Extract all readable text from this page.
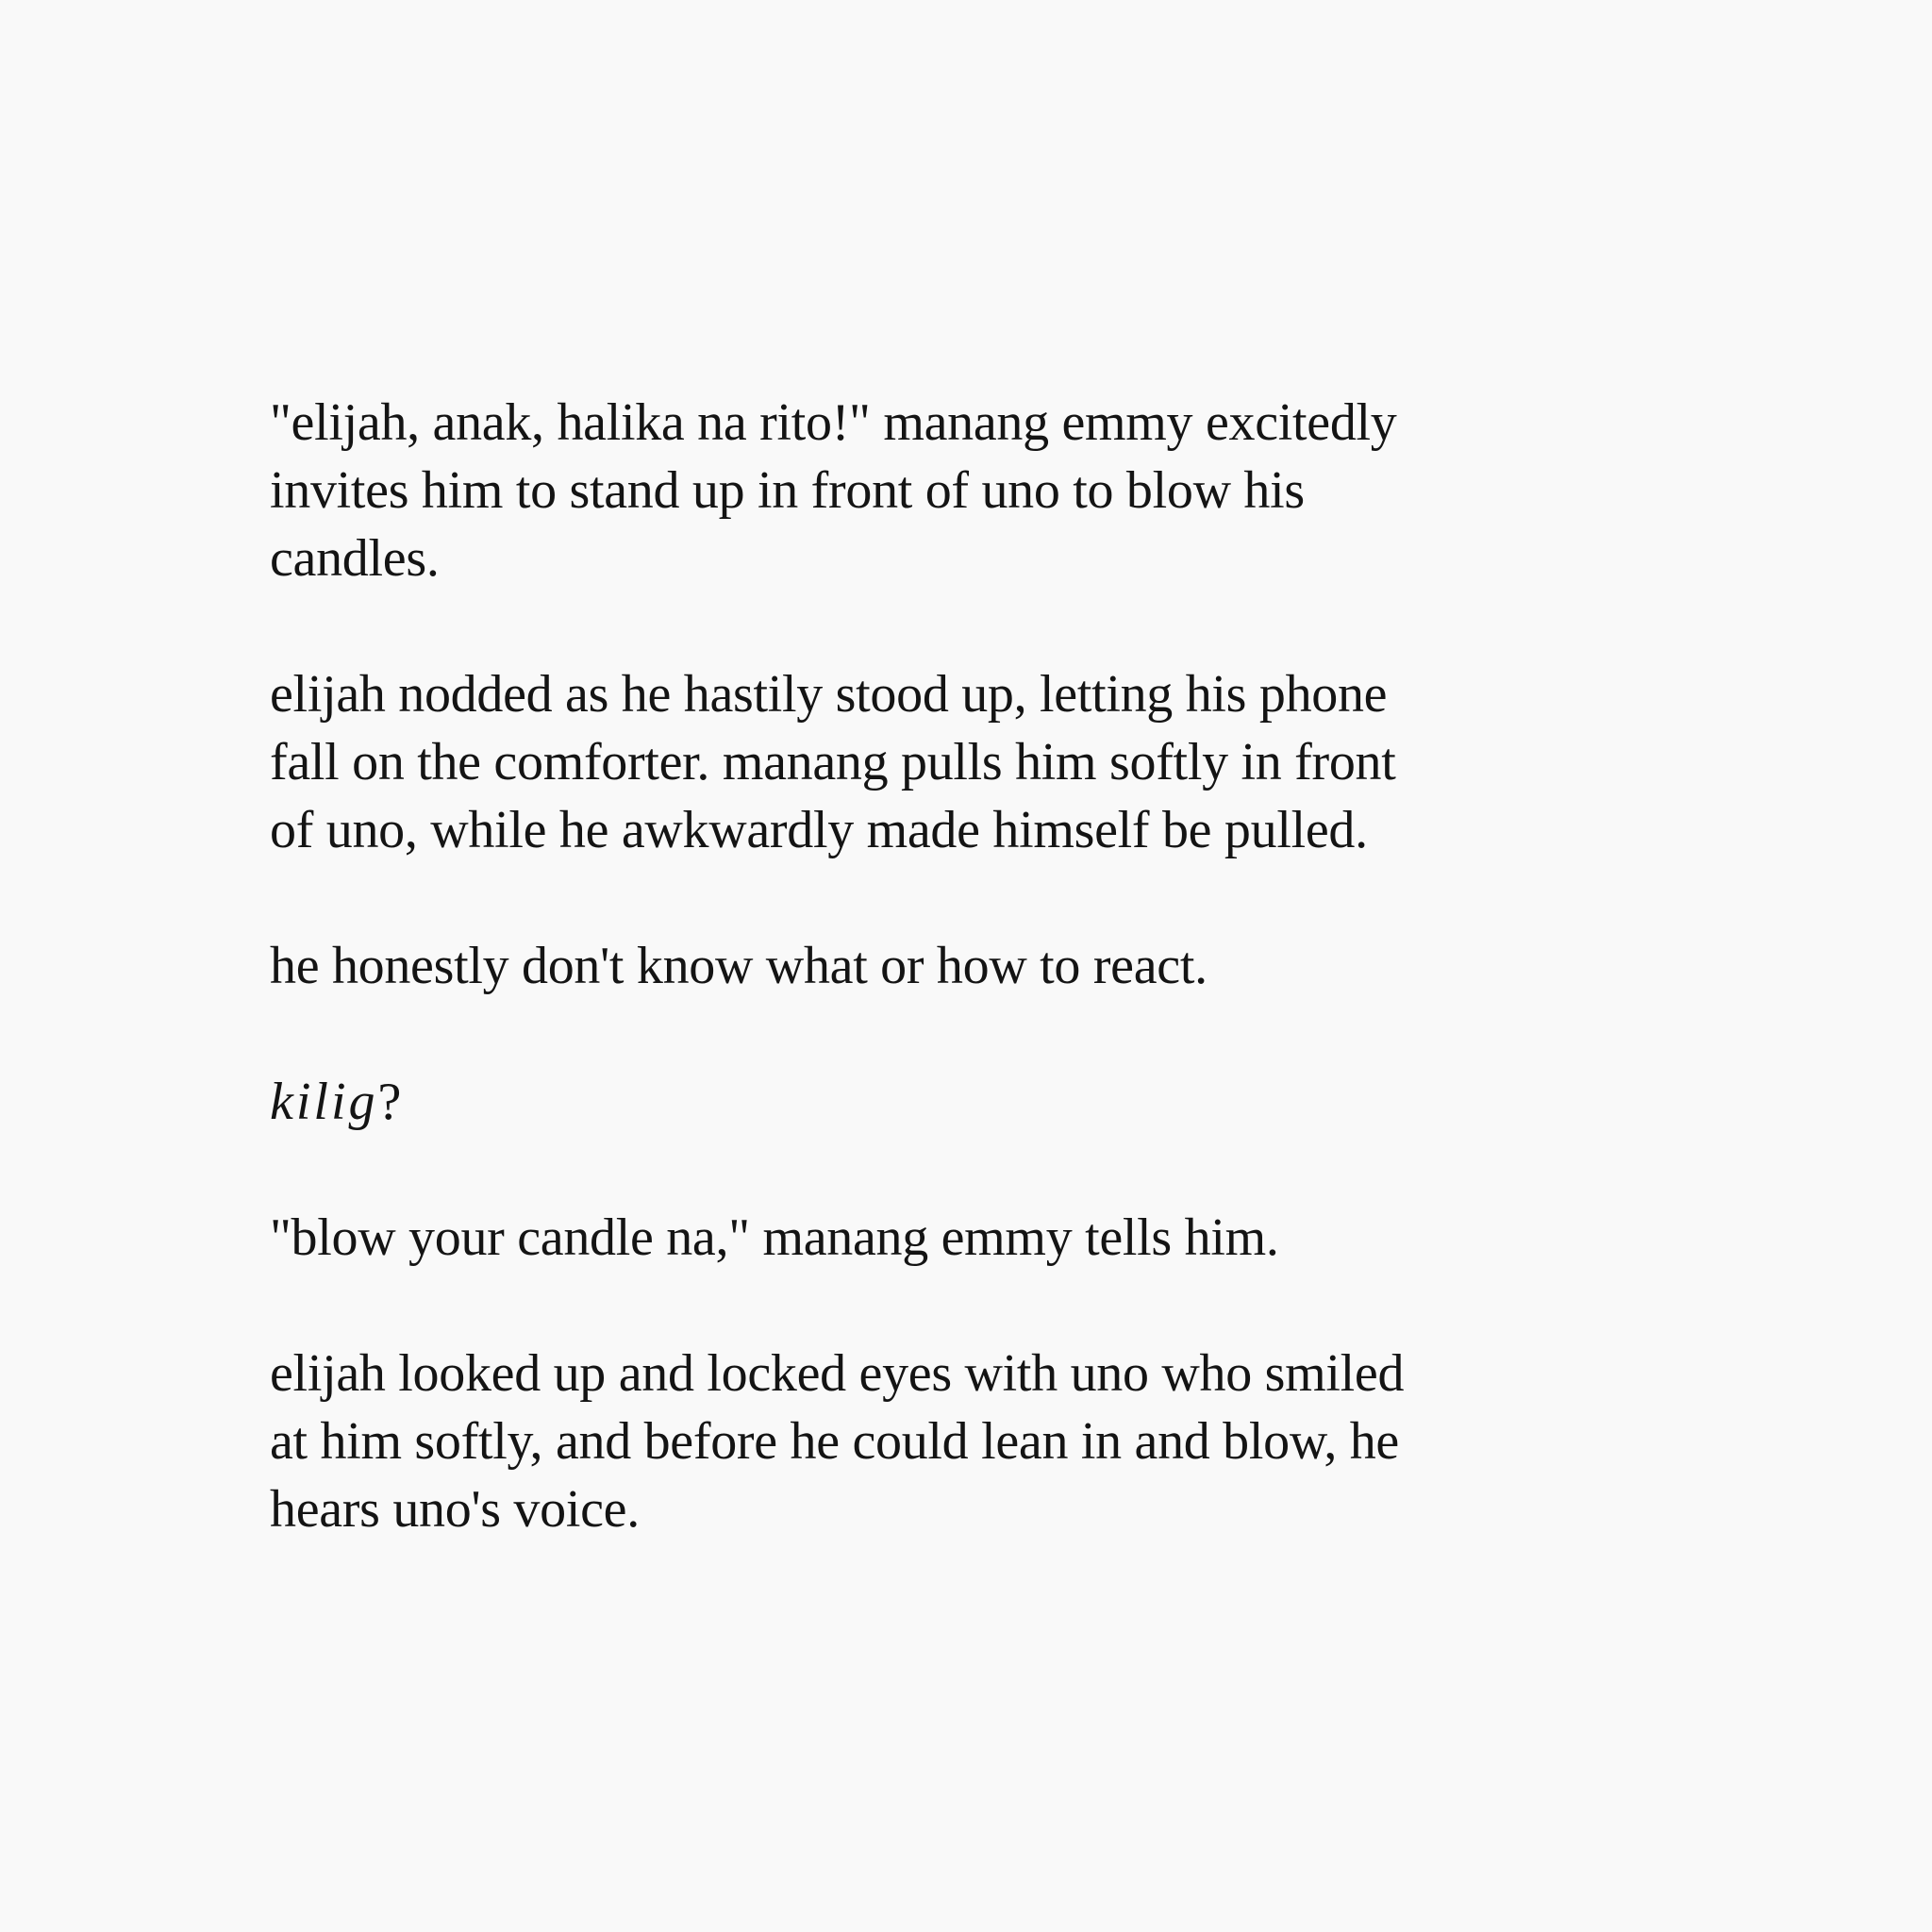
"elijah, anak, halika na rito!" manang emmy excitedly
invites him to stand up in front of uno to blow his
candles.

elijah nodded as he hastily stood up, letting his phone
fall on the comforter. manang pulls him softly in front
of uno, while he awkwardly made himself be pulled.

he honestly don't know what or how to react.

kilig?

"blow your candle na," manang emmy tells him.

elijah looked up and locked eyes with uno who smiled
at him softly, and before he could lean in and blow, he
hears uno's voice.
